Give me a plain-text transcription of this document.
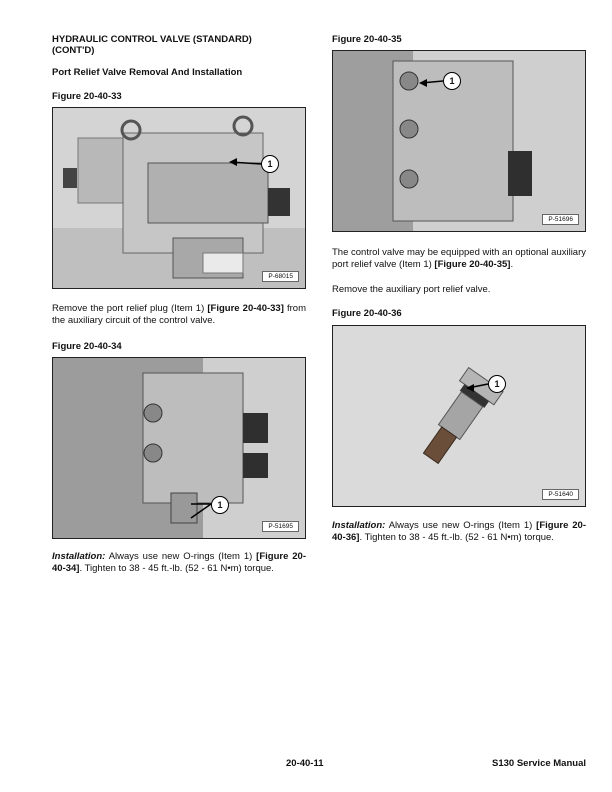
HYDRAULIC CONTROL VALVE (STANDARD)
(CONT'D)

Port Relief Valve Removal And Installation

Figure 20-40-33

1
P-68015

Remove the port relief plug (Item 1) [Figure 20-40-33] from the auxiliary circuit of the control valve.

Figure 20-40-34

1
P-51695

Installation: Always use new O-rings (Item 1) [Figure 20-40-34]. Tighten to 38 - 45 ft.-lb. (52 - 61 N•m) torque.

Figure 20-40-35

1
P-51696

The control valve may be equipped with an optional auxiliary port relief valve (Item 1) [Figure 20-40-35].

Remove the auxiliary port relief valve.

Figure 20-40-36

1
P-51640

Installation: Always use new O-rings (Item 1) [Figure 20-40-36]. Tighten to 38 - 45 ft.-lb. (52 - 61 N•m) torque.

20-40-11	S130 Service Manual
